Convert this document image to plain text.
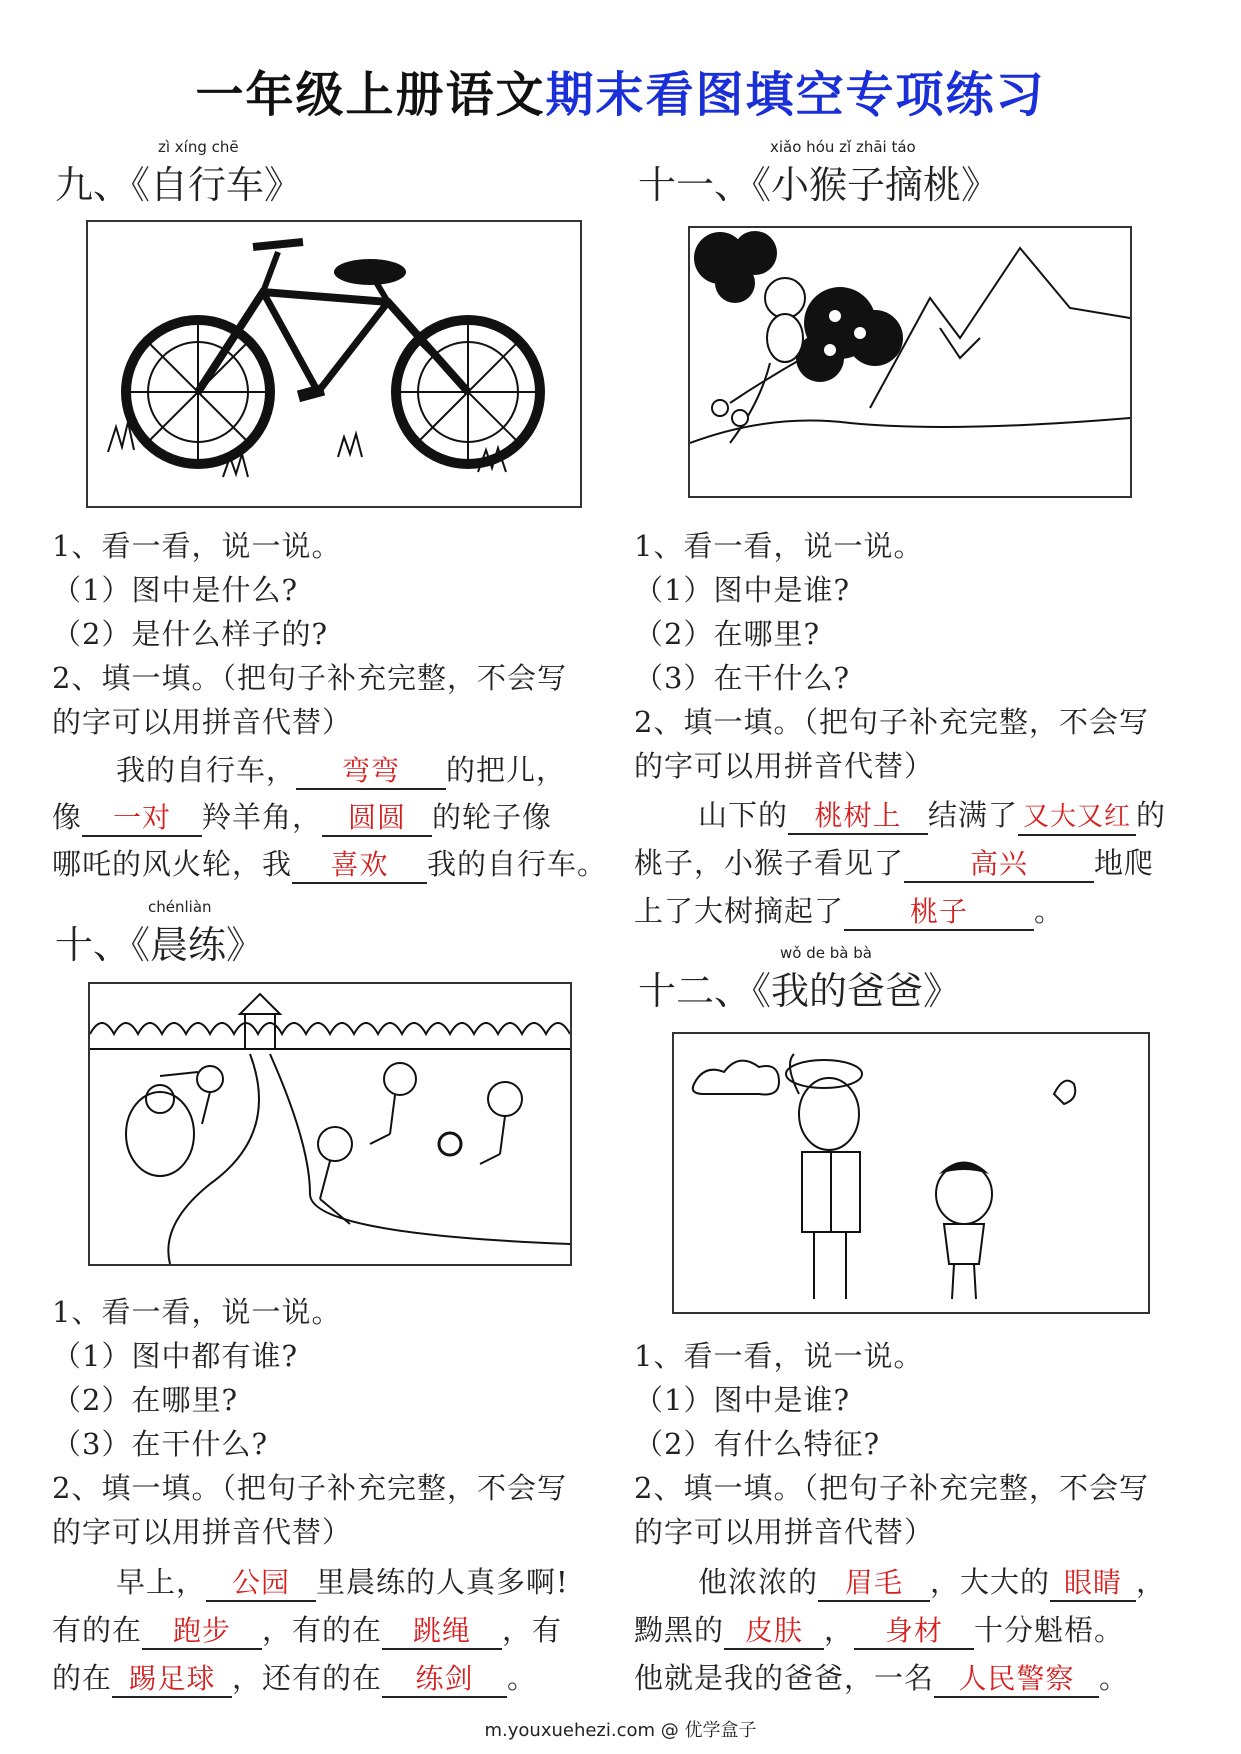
一年级上册语文期末看图填空专项练习
zì xíng chē
九、《自行车》
1、看一看，说一说。
（1）图中是什么?
（2）是什么样子的?
2、填一填。（把句子补充完整，不会写
的字可以用拼音代替）
我的自行车， 弯弯 的把儿，
像 一对 羚羊角， 圆圆 的轮子像
哪吒的风火轮，我 喜欢 我的自行车。
chénliàn
十、《晨练》
1、看一看，说一说。
（1）图中都有谁?
（2）在哪里?
（3）在干什么?
2、填一填。（把句子补充完整，不会写
的字可以用拼音代替）
早上， 公园 里晨练的人真多啊!
有的在 跑步 ，有的在 跳绳 ，有
的在 踢足球 ，还有的在 练剑 。
xiǎo hóu zǐ zhāi táo
十一、《小猴子摘桃》
1、看一看，说一说。
（1）图中是谁?
（2）在哪里?
（3）在干什么?
2、填一填。（把句子补充完整，不会写
的字可以用拼音代替）
山下的 桃树上 结满了 又大又红 的
桃子，小猴子看见了 高兴 地爬
上了大树摘起了 桃子 。
wǒ de bà bà
十二、《我的爸爸》
1、看一看，说一说。
（1）图中是谁?
（2）有什么特征?
2、填一填。（把句子补充完整，不会写
的字可以用拼音代替）
他浓浓的 眉毛 ，大大的 眼睛 ，
黝黑的 皮肤 ， 身材 十分魁梧。
他就是我的爸爸，一名 人民警察 。
m.youxuehezi.com @ 优学盒子
